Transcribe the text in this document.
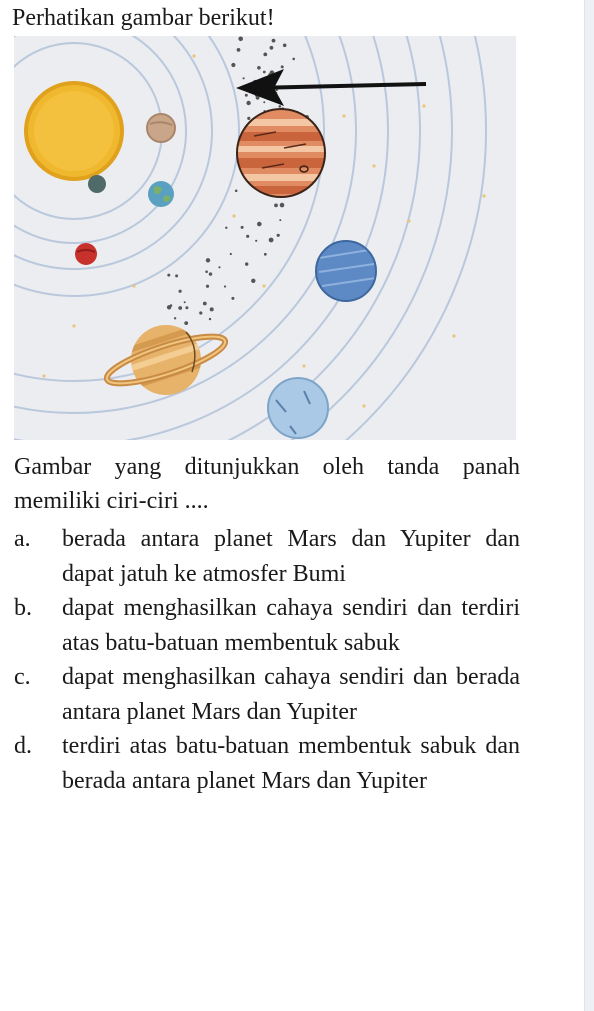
Perhatikan gambar berikut!

Gambar yang ditunjukkan oleh tanda panah memiliki ciri-ciri ....

a.	berada antara planet Mars dan Yupiter dan dapat jatuh ke atmosfer Bumi
b.	dapat menghasilkan cahaya sendiri dan terdiri atas batu-batuan membentuk sabuk
c.	dapat menghasilkan cahaya sendiri dan berada antara planet Mars dan Yupiter
d.	terdiri atas batu-batuan membentuk sabuk dan berada antara planet Mars dan Yupiter
